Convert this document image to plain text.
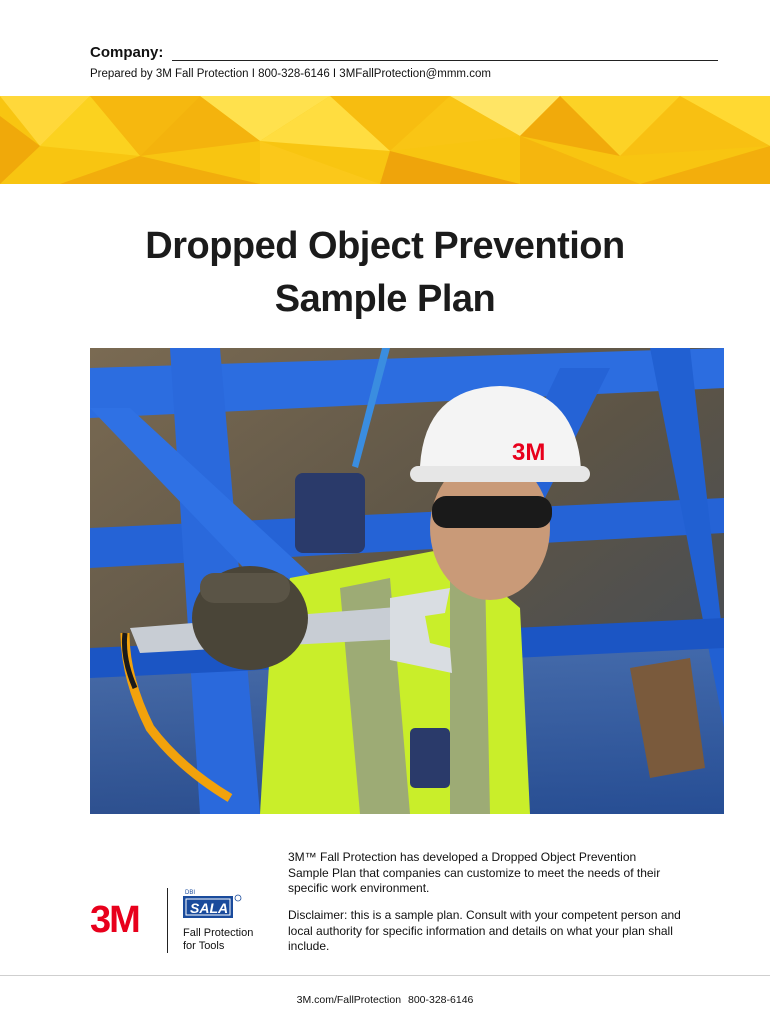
Company:
Prepared by 3M Fall Protection I 800-328-6146 I 3MFallProtection@mmm.com
Dropped Object Prevention
Sample Plan
3M
3M™ Fall Protection has developed a Dropped Object Prevention Sample Plan that companies can customize to meet the needs of their specific work environment.
Disclaimer: this is a sample plan. Consult with your competent person and local authority for specific information and details on what your plan shall include.
3M
DBI
SALA
Fall Protection
for Tools
3M.com/FallProtection 800-328-6146
